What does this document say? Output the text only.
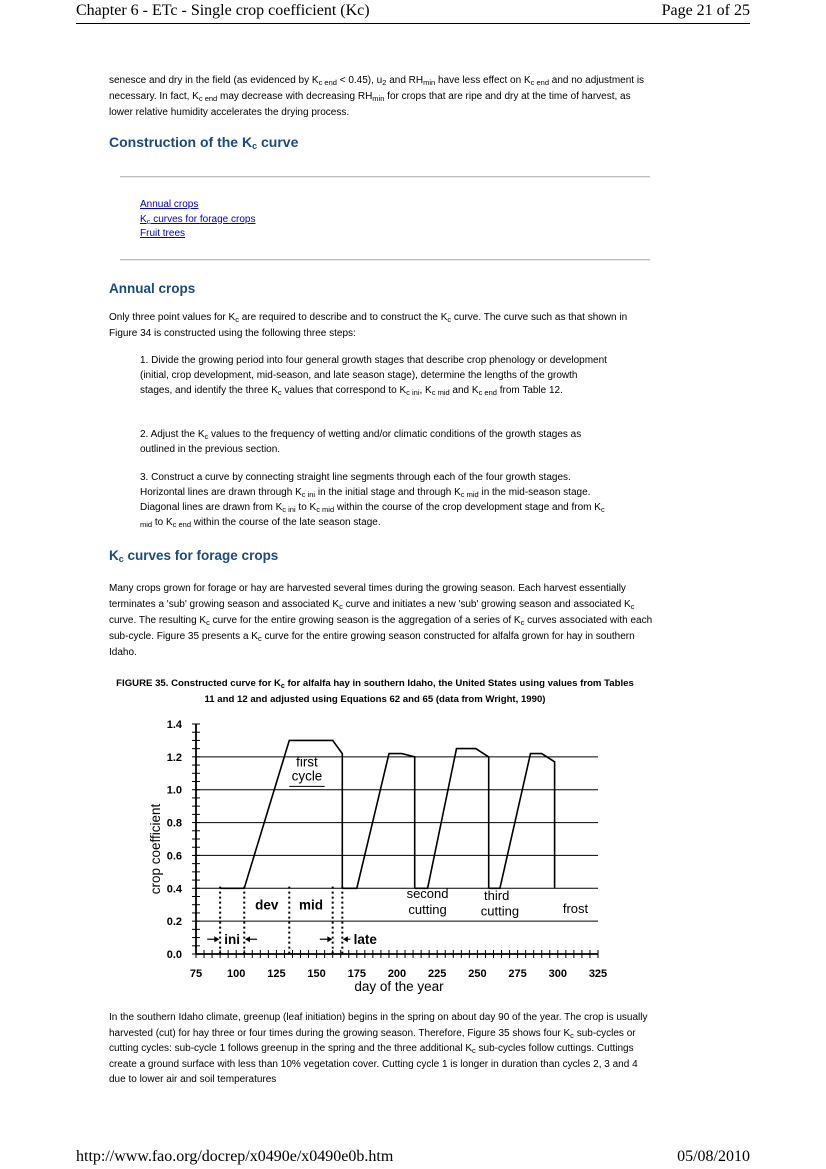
Chapter 6 - ETc - Single crop coefficient (Kc)	Page 21 of 25

senesce and dry in the field (as evidenced by $K_{c end} < 0.45$), $u_2$ and $RH_{min}$ have less effect on $K_{c end}$ and no adjustment is necessary. In fact, $K_{c end}$ may decrease with decreasing $RH_{min}$ for crops that are ripe and dry at the time of harvest, as lower relative humidity accelerates the drying process.

Construction of the $K_c$ curve
Annual crops
$K_c$ curves for forage crops
Fruit trees
Annual crops

Only three point values for $K_c$ are required to describe and to construct the $K_c$ curve. The curve such as that shown in Figure 34 is constructed using the following three steps:

1. Divide the growing period into four general growth stages that describe crop phenology or development (initial, crop development, mid-season, and late season stage), determine the lengths of the growth stages, and identify the three $K_c$ values that correspond to $K_{c ini}$, $K_{c mid}$ and $K_{c end}$ from Table 12.

2. Adjust the $K_c$ values to the frequency of wetting and/or climatic conditions of the growth stages as outlined in the previous section.

3. Construct a curve by connecting straight line segments through each of the four growth stages. Horizontal lines are drawn through $K_{c ini}$ in the initial stage and through $K_{c mid}$ in the mid-season stage. Diagonal lines are drawn from $K_{c ini}$ to $K_{c mid}$ within the course of the crop development stage and from $K_{c mid}$ to $K_{c end}$ within the course of the late season stage.

$K_c$ curves for forage crops

Many crops grown for forage or hay are harvested several times during the growing season. Each harvest essentially terminates a 'sub' growing season and associated $K_c$ curve and initiates a new 'sub' growing season and associated $K_c$ curve. The resulting $K_c$ curve for the entire growing season is the aggregation of a series of $K_c$ curves associated with each sub-cycle. Figure 35 presents a $K_c$ curve for the entire growing season constructed for alfalfa grown for hay in southern Idaho.

FIGURE 35. Constructed curve for $K_c$ for alfalfa hay in southern Idaho, the United States using values from Tables 11 and 12 and adjusted using Equations 62 and 65 (data from Wright, 1990)

75 100 125 150 175 200 225 250 275 300 325
0.0
0.2
0.4
0.6
0.8
1.0
1.2
1.4
day of the year
crop coefficient
first
cycle
dev mid
second
cutting
third
cutting	frost
ini	late

In the southern Idaho climate, greenup (leaf initiation) begins in the spring on about day 90 of the year. The crop is usually harvested (cut) for hay three or four times during the growing season. Therefore, Figure 35 shows four $K_c$ sub-cycles or cutting cycles: sub-cycle 1 follows greenup in the spring and the three additional $K_c$ sub-cycles follow cuttings. Cuttings create a ground surface with less than 10% vegetation cover. Cutting cycle 1 is longer in duration than cycles 2, 3 and 4 due to lower air and soil temperatures

http://www.fao.org/docrep/x0490e/x0490e0b.htm	05/08/2010
